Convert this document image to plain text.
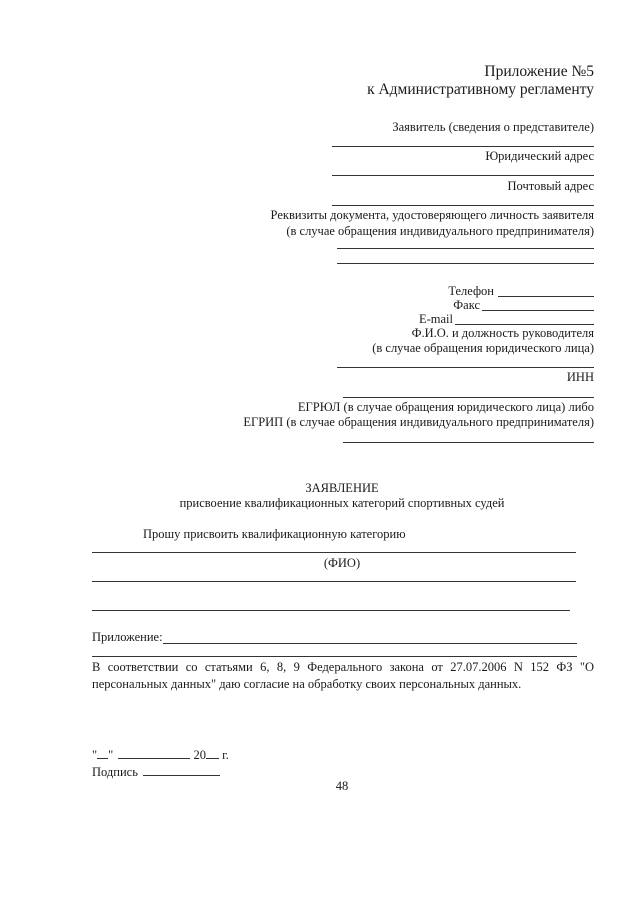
Приложение №5
к Административному регламенту
Заявитель (сведения о представителе)
Юридический адрес
Почтовый адрес
Реквизиты документа, удостоверяющего личность заявителя
(в случае обращения индивидуального предпринимателя)
Телефон
Факс
E-mail
Ф.И.О. и должность руководителя
(в случае обращения юридического лица)
ИНН
ЕГРЮЛ (в случае обращения юридического лица) либо
ЕГРИП (в случае обращения индивидуального предпринимателя)
ЗАЯВЛЕНИЕ
присвоение квалификационных категорий спортивных судей
Прошу присвоить квалификационную категорию
(ФИО)
Приложение:
В соответствии со статьями 6, 8, 9 Федерального закона от 27.07.2006 N 152 ФЗ "О персональных данных" даю согласие на обработку своих персональных данных.
" "	20 г.
Подпись
48
